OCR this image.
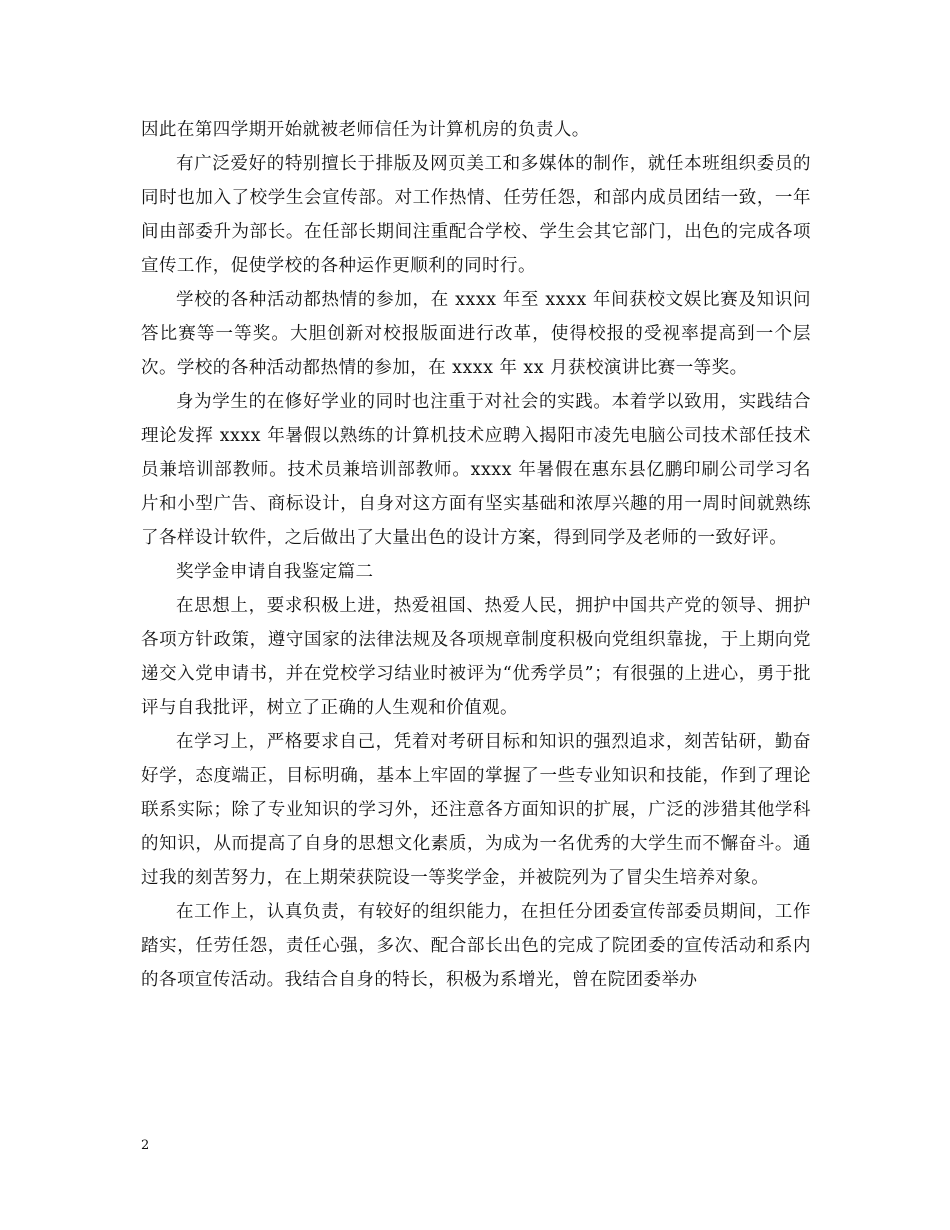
因此在第四学期开始就被老师信任为计算机房的负责人。

有广泛爱好的特别擅长于排版及网页美工和多媒体的制作，就任本班组织委员的同时也加入了校学生会宣传部。对工作热情、任劳任怨，和部内成员团结一致，一年间由部委升为部长。在任部长期间注重配合学校、学生会其它部门，出色的完成各项宣传工作，促使学校的各种运作更顺利的同时行。

学校的各种活动都热情的参加，在 xxxx 年至 xxxx 年间获校文娱比赛及知识问答比赛等一等奖。大胆创新对校报版面进行改革，使得校报的受视率提高到一个层次。学校的各种活动都热情的参加，在 xxxx 年 xx 月获校演讲比赛一等奖。

身为学生的在修好学业的同时也注重于对社会的实践。本着学以致用，实践结合理论发挥 xxxx 年暑假以熟练的计算机技术应聘入揭阳市凌先电脑公司技术部任技术员兼培训部教师。技术员兼培训部教师。xxxx 年暑假在惠东县亿鹏印刷公司学习名片和小型广告、商标设计，自身对这方面有坚实基础和浓厚兴趣的用一周时间就熟练了各样设计软件，之后做出了大量出色的设计方案，得到同学及老师的一致好评。

奖学金申请自我鉴定篇二

在思想上，要求积极上进，热爱祖国、热爱人民，拥护中国共产党的领导、拥护各项方针政策，遵守国家的法律法规及各项规章制度积极向党组织靠拢，于上期向党递交入党申请书，并在党校学习结业时被评为“优秀学员”；有很强的上进心，勇于批评与自我批评，树立了正确的人生观和价值观。

在学习上，严格要求自己，凭着对考研目标和知识的强烈追求，刻苦钻研，勤奋好学，态度端正，目标明确，基本上牢固的掌握了一些专业知识和技能，作到了理论联系实际；除了专业知识的学习外，还注意各方面知识的扩展，广泛的涉猎其他学科的知识，从而提高了自身的思想文化素质，为成为一名优秀的大学生而不懈奋斗。通过我的刻苦努力，在上期荣获院设一等奖学金，并被院列为了冒尖生培养对象。

在工作上，认真负责，有较好的组织能力，在担任分团委宣传部委员期间，工作踏实，任劳任怨，责任心强，多次、配合部长出色的完成了院团委的宣传活动和系内的各项宣传活动。我结合自身的特长，积极为系增光，曾在院团委举办

2
